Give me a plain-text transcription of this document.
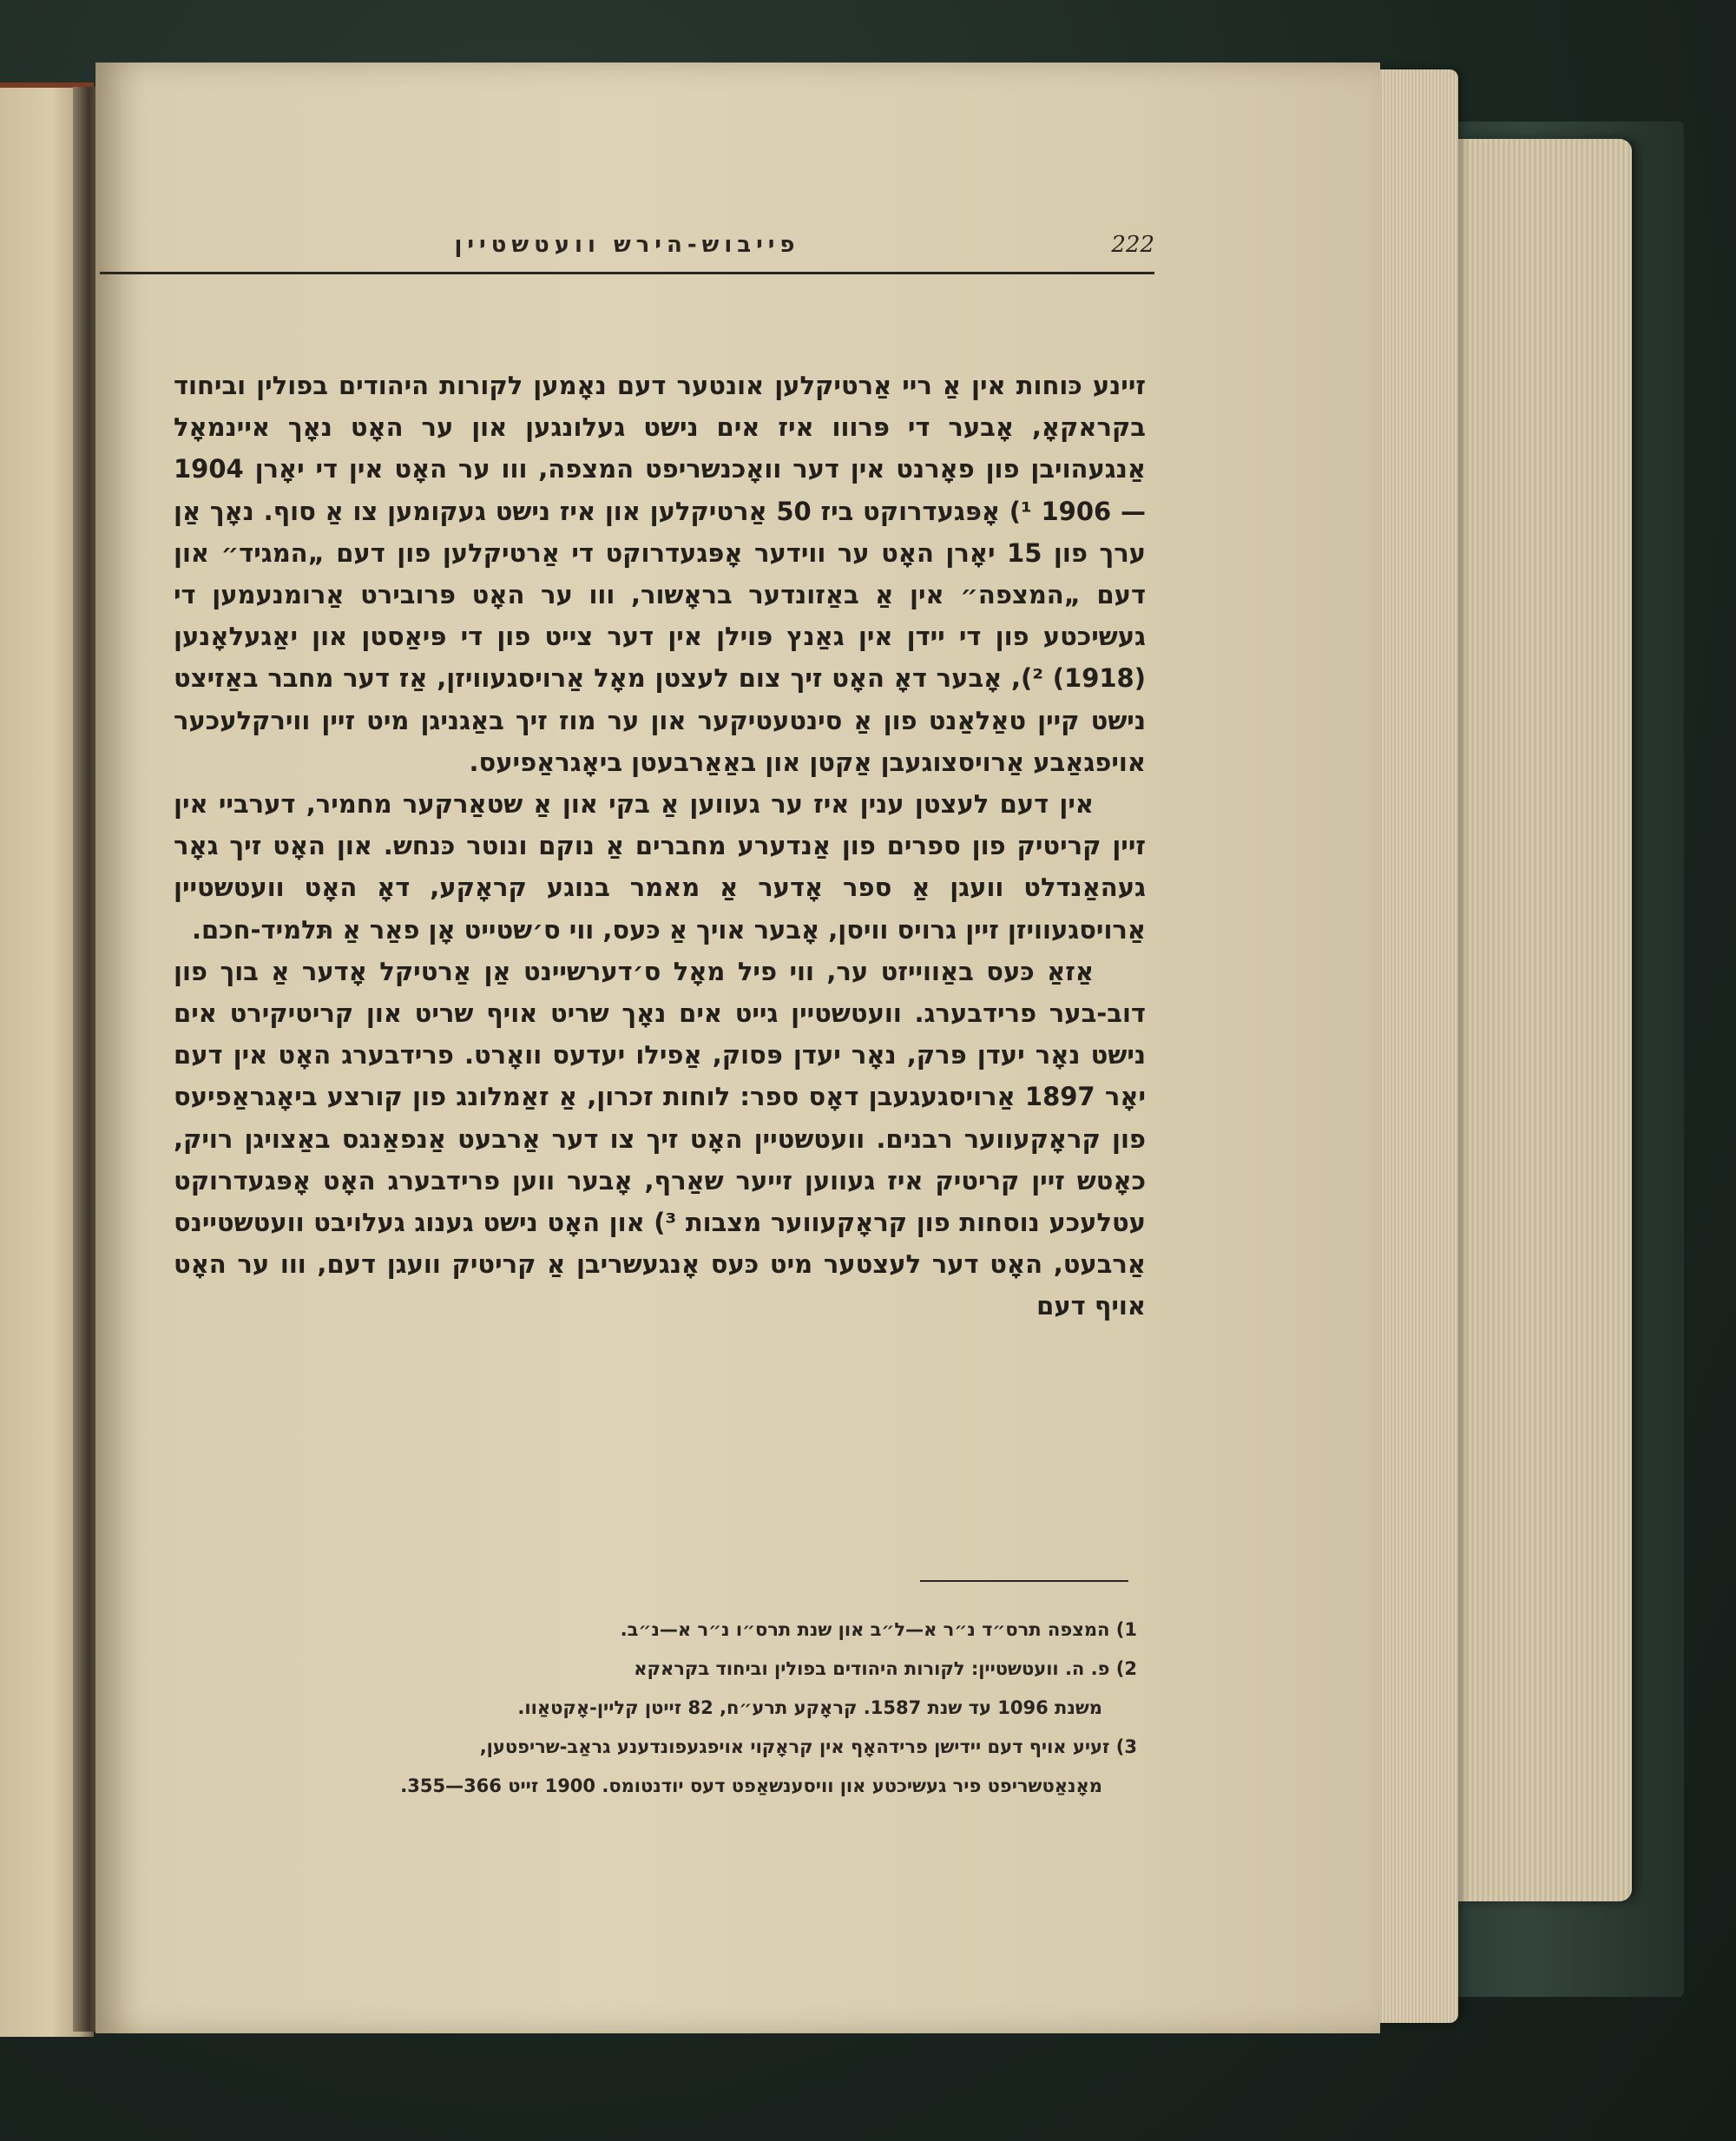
222
פייבוש-הירש וועטשטיין

זיינע כּוחות אין אַ ריי אַרטיקלען אונטער דעם נאָמען לקורות היהודים בפולין וביחוד בקראקאָ, אָבער די פּרווו איז אים נישט געלונגען און ער האָט נאָך איינמאָל אַנגעהויבן פון פאָרנט אין דער וואָכנשריפט המצפה, ווו ער האָט אין די יאָרן 1904 — 1906 ¹) אָפּגעדרוקט ביז 50 אַרטיקלען און איז נישט געקומען צו אַ סוף. נאָך אַן ערך פון 15 יאָרן האָט ער ווידער אָפּגעדרוקט די אַרטיקלען פון דעם „המגיד״ און דעם „המצפה״ אין אַ באַזונדער בראָשור, ווו ער האָט פּרובירט אַרומנעמען די געשיכטע פון די יידן אין גאַנץ פּוילן אין דער צייט פון די פּיאַסטן און יאַגעלאָנען (1918) ²), אָבער דאָ האָט זיך צום לעצטן מאָל אַרויסגעוויזן, אַז דער מחבר באַזיצט נישט קיין טאַלאַנט פון אַ סינטעטיקער און ער מוז זיך באַגניגן מיט זיין ווירקלעכער אויפגאַבע אַרויסצוגעבן אַקטן און באַאַרבעטן ביאָגראַפיעס.

אין דעם לעצטן ענין איז ער געווען אַ בקי און אַ שטאַרקער מחמיר, דערביי אין זיין קריטיק פון ספרים פון אַנדערע מחברים אַ נוקם ונוטר כּנחש. און האָט זיך גאָר געהאַנדלט וועגן אַ ספר אָדער אַ מאמר בנוגע קראָקע, דאָ האָט וועטשטיין אַרויסגעוויזן זיין גרויס וויסן, אָבער אויך אַ כּעס, ווי ס׳שטייט אָן פאַר אַ תּלמיד-חכם.

אַזאַ כּעס באַווייזט ער, ווי פיל מאָל ס׳דערשיינט אַן אַרטיקל אָדער אַ בוך פון דוב-בער פרידבערג. וועטשטיין גייט אים נאָך שריט אויף שריט און קריטיקירט אים נישט נאָר יעדן פּרק, נאָר יעדן פּסוק, אַפילו יעדעס וואָרט. פרידבערג האָט אין דעם יאָר 1897 אַרויסגעגעבן דאָס ספר: לוחות זכרון, אַ זאַמלונג פון קורצע ביאָגראַפיעס פון קראָקעווער רבנים. וועטשטיין האָט זיך צו דער אַרבעט אַנפאַנגס באַצויגן רויק, כאָטש זיין קריטיק איז געווען זייער שאַרף, אָבער ווען פרידבערג האָט אָפּגעדרוקט עטלעכע נוסחות פון קראָקעווער מצבות ³) און האָט נישט גענוג געלויבט וועטשטיינס אַרבעט, האָט דער לעצטער מיט כּעס אָנגעשריבן אַ קריטיק וועגן דעם, ווו ער האָט אויף דעם

1) המצפה תרס״ד נ״ר א—ל״ב און שנת תרס״ו נ״ר א—נ״ב.

2) פ. ה. וועטשטיין: לקורות היהודים בפולין וביחוד בקראקא

משנת 1096 עד שנת 1587. קראָקע תרע״ח, 82 זייטן קליין-אָקטאַוו.

3) זעיע אויף דעם יידישן פרידהאָף אין קראָקוי אויפגעפונדענע גראַב-שריפטען,

מאָנאַטשריפט פיר געשיכטע און וויסענשאַפט דעס יודנטומס. 1900 זייט 366—355.
